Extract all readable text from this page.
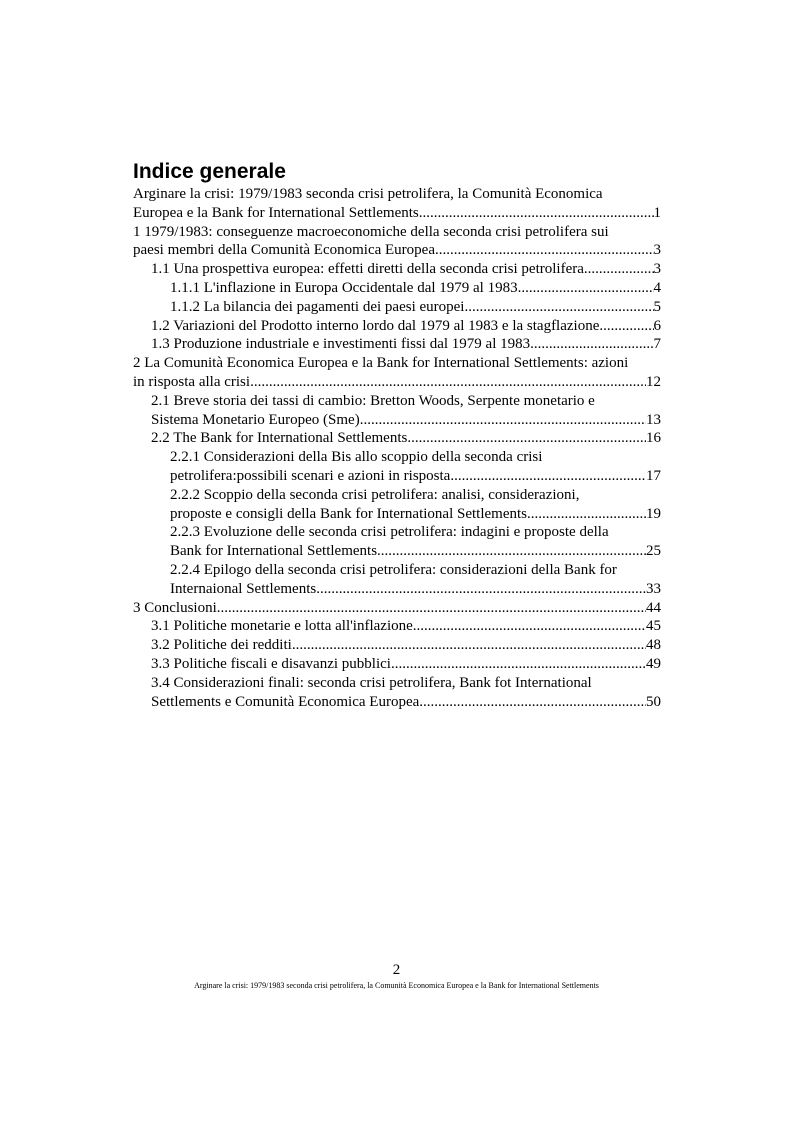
Indice generale
Arginare la crisi: 1979/1983 seconda crisi petrolifera, la Comunità Economica
Europea e la Bank for International Settlements .....	1
1 1979/1983: conseguenze macroeconomiche della seconda crisi petrolifera sui
paesi membri della Comunità Economica Europea .....	3
1.1 Una prospettiva europea: effetti diretti della seconda crisi petrolifera .....	3
1.1.1 L'inflazione in Europa Occidentale dal 1979 al 1983 .....	4
1.1.2 La bilancia dei pagamenti dei paesi europei .....	5
1.2 Variazioni del Prodotto interno lordo dal 1979 al 1983 e la stagflazione .....	6
1.3 Produzione industriale e investimenti fissi dal 1979 al 1983 .....	7
2 La Comunità Economica Europea e la Bank for International Settlements: azioni
in risposta alla crisi .....	12
2.1 Breve storia dei tassi di cambio: Bretton Woods, Serpente monetario e
Sistema Monetario Europeo (Sme) .....	13
2.2 The Bank for International Settlements .....	16
2.2.1 Considerazioni della Bis allo scoppio della seconda crisi
petrolifera:possibili scenari e azioni in risposta .....	17
2.2.2 Scoppio della seconda crisi petrolifera: analisi, considerazioni,
proposte e consigli della Bank for International Settlements .....	19
2.2.3 Evoluzione delle seconda crisi petrolifera: indagini e proposte della
Bank for International Settlements .....	25
2.2.4 Epilogo della seconda crisi petrolifera: considerazioni della Bank for
Internaional Settlements .....	33
3 Conclusioni .....	44
3.1 Politiche monetarie e lotta all'inflazione. .....	45
3.2 Politiche dei redditi .....	48
3.3 Politiche fiscali e disavanzi pubblici .....	49
3.4 Considerazioni finali: seconda crisi petrolifera, Bank fot International
Settlements e Comunità Economica Europea. .....	50
2
Arginare la crisi: 1979/1983 seconda crisi petrolifera, la Comunità Economica Europea e la Bank for International Settlements
